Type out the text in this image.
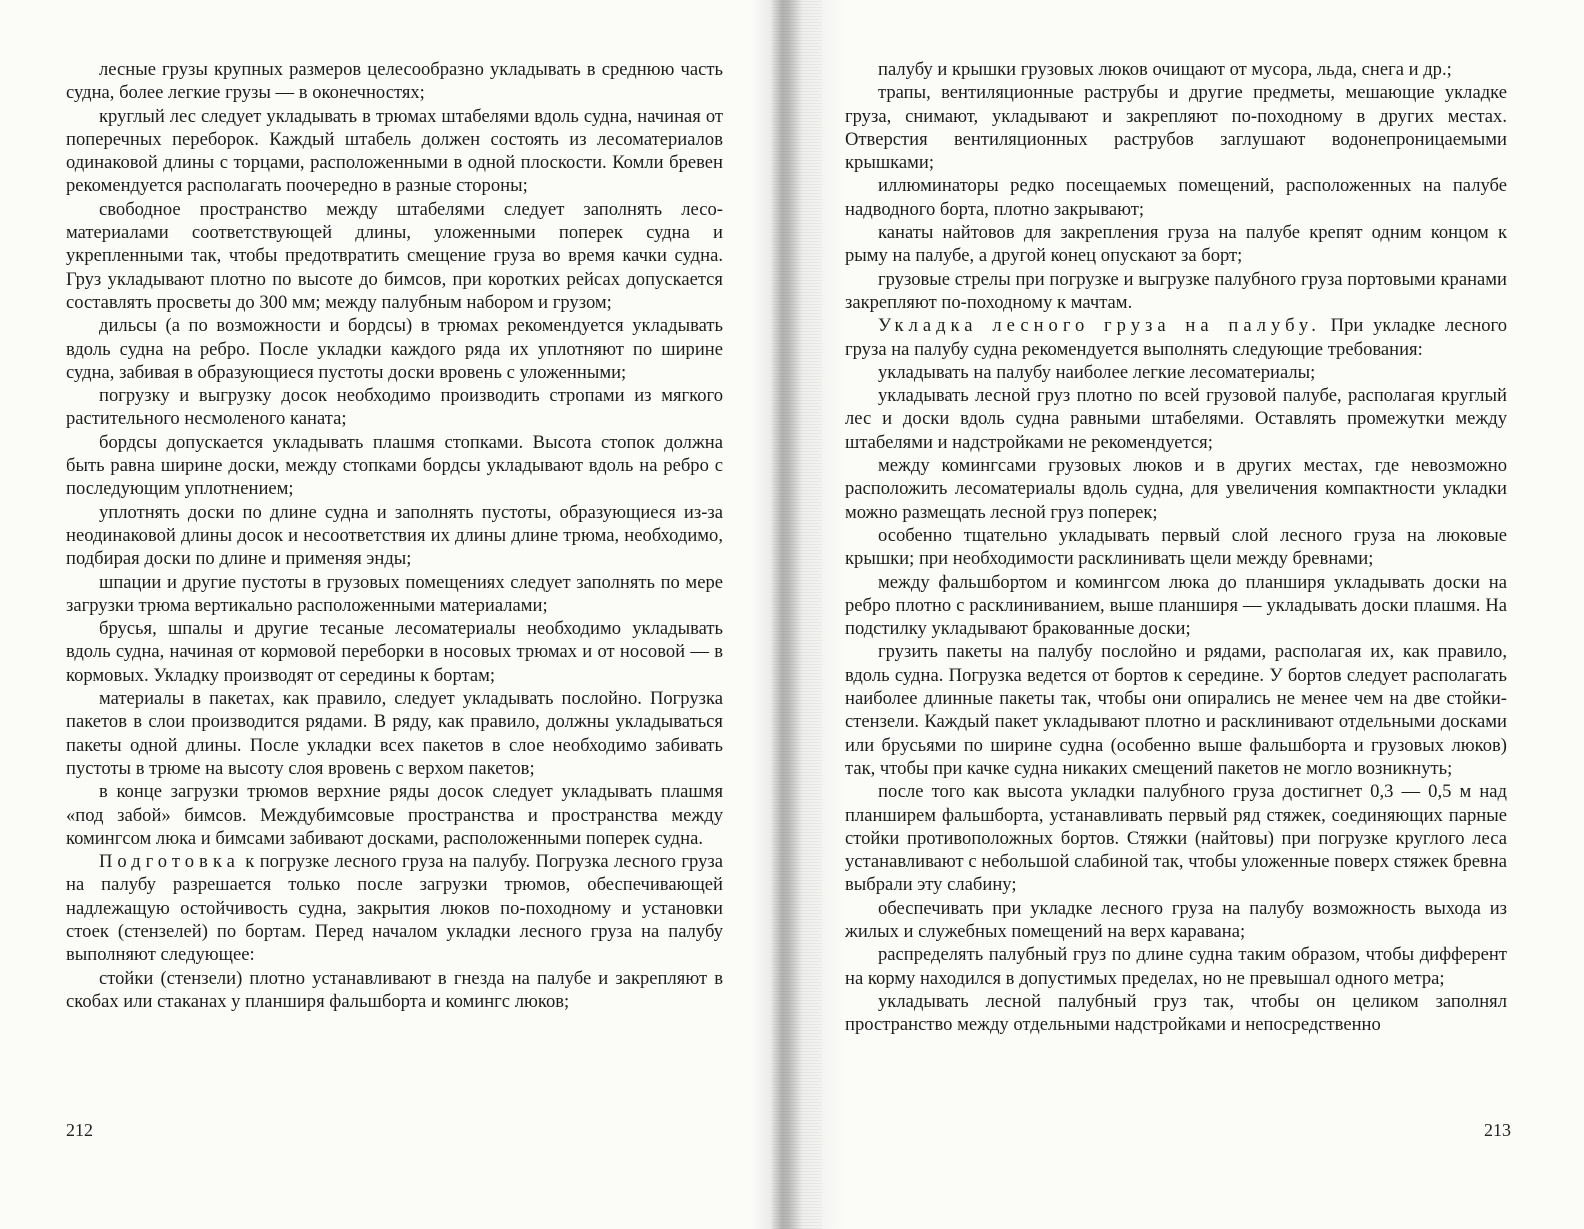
лесные грузы крупных размеров целесообразно укладывать в среднюю часть судна, более легкие грузы — в оконечностях;

круглый лес следует укладывать в трюмах штабелями вдоль судна, начиная от поперечных переборок. Каждый штабель должен состоять из лесоматериалов одинаковой длины с торцами, расположенными в одной плоскости. Комли бревен рекомендуется располагать поочередно в разные стороны;

свободное пространство между штабелями следует заполнять лесоматериалами соответствующей длины, уложенными поперек судна и укрепленными так, чтобы предотвратить смещение груза во время качки судна. Груз укладывают плотно по высоте до бимсов, при коротких рейсах допускается составлять просветы до 300 мм; между палубным набором и грузом;

дильсы (а по возможности и бордсы) в трюмах рекомендуется укладывать вдоль судна на ребро. После укладки каждого ряда их уплотняют по ширине судна, забивая в образующиеся пустоты доски вровень с уложенными;

погрузку и выгрузку досок необходимо производить стропами из мягкого растительного несмоленого каната;

бордсы допускается укладывать плашмя стопками. Высота стопок должна быть равна ширине доски, между стопками бордсы укладывают вдоль на ребро с последующим уплотнением;

уплотнять доски по длине судна и заполнять пустоты, образующиеся из-за неодинаковой длины досок и несоответствия их длины длине трюма, необходимо, подбирая доски по длине и применяя энды;

шпации и другие пустоты в грузовых помещениях следует заполнять по мере загрузки трюма вертикально расположенными материалами;

брусья, шпалы и другие тесаные лесоматериалы необходимо укладывать вдоль судна, начиная от кормовой переборки в носовых трюмах и от носовой — в кормовых. Укладку производят от середины к бортам;

материалы в пакетах, как правило, следует укладывать послойно. Погрузка пакетов в слои производится рядами. В ряду, как правило, должны укладываться пакеты одной длины. После укладки всех пакетов в слое необходимо забивать пустоты в трюме на высоту слоя вровень с верхом пакетов;

в конце загрузки трюмов верхние ряды досок следует укладывать плашмя «под забой» бимсов. Междубимсовые пространства и пространства между комингсом люка и бимсами забивают досками, расположенными поперек судна.

Подготовка к погрузке лесного груза на палубу. Погрузка лесного груза на палубу разрешается только после загрузки трюмов, обеспечивающей надлежащую остойчивость судна, закрытия люков по-походному и установки стоек (стензелей) по бортам. Перед началом укладки лесного груза на палубу выполняют следующее:

стойки (стензели) плотно устанавливают в гнезда на палубе и закрепляют в скобах или стаканах у планширя фальшборта и комингс люков;

212

палубу и крышки грузовых люков очищают от мусора, льда, снега и др.;

трапы, вентиляционные раструбы и другие предметы, мешающие укладке груза, снимают, укладывают и закрепляют по-походному в других местах. Отверстия вентиляционных раструбов заглушают водонепроницаемыми крышками;

иллюминаторы редко посещаемых помещений, расположенных на палубе надводного борта, плотно закрывают;

канаты найтовов для закрепления груза на палубе крепят одним концом к рыму на палубе, а другой конец опускают за борт;

грузовые стрелы при погрузке и выгрузке палубного груза портовыми кранами закрепляют по-походному к мачтам.

Укладка лесного груза на палубу. При укладке лесного груза на палубу судна рекомендуется выполнять следующие требования:

укладывать на палубу наиболее легкие лесоматериалы;

укладывать лесной груз плотно по всей грузовой палубе, располагая круглый лес и доски вдоль судна равными штабелями. Оставлять промежутки между штабелями и надстройками не рекомендуется;

между комингсами грузовых люков и в других местах, где невозможно расположить лесоматериалы вдоль судна, для увеличения компактности укладки можно размещать лесной груз поперек;

особенно тщательно укладывать первый слой лесного груза на люковые крышки; при необходимости расклинивать щели между бревнами;

между фальшбортом и комингсом люка до планширя укладывать доски на ребро плотно с расклиниванием, выше планширя — укладывать доски плашмя. На подстилку укладывают бракованные доски;

грузить пакеты на палубу послойно и рядами, располагая их, как правило, вдоль судна. Погрузка ведется от бортов к середине. У бортов следует располагать наиболее длинные пакеты так, чтобы они опирались не менее чем на две стойки-стензели. Каждый пакет укладывают плотно и расклинивают отдельными досками или брусьями по ширине судна (особенно выше фальшборта и грузовых люков) так, чтобы при качке судна никаких смещений пакетов не могло возникнуть;

после того как высота укладки палубного груза достигнет 0,3 — 0,5 м над планширем фальшборта, устанавливать первый ряд стяжек, соединяющих парные стойки противоположных бортов. Стяжки (найтовы) при погрузке круглого леса устанавливают с небольшой слабиной так, чтобы уложенные поверх стяжек бревна выбрали эту слабину;

обеспечивать при укладке лесного груза на палубу возможность выхода из жилых и служебных помещений на верх каравана;

распределять палубный груз по длине судна таким образом, чтобы дифферент на корму находился в допустимых пределах, но не превышал одного метра;

укладывать лесной палубный груз так, чтобы он целиком заполнял пространство между отдельными надстройками и непосредственно

213
